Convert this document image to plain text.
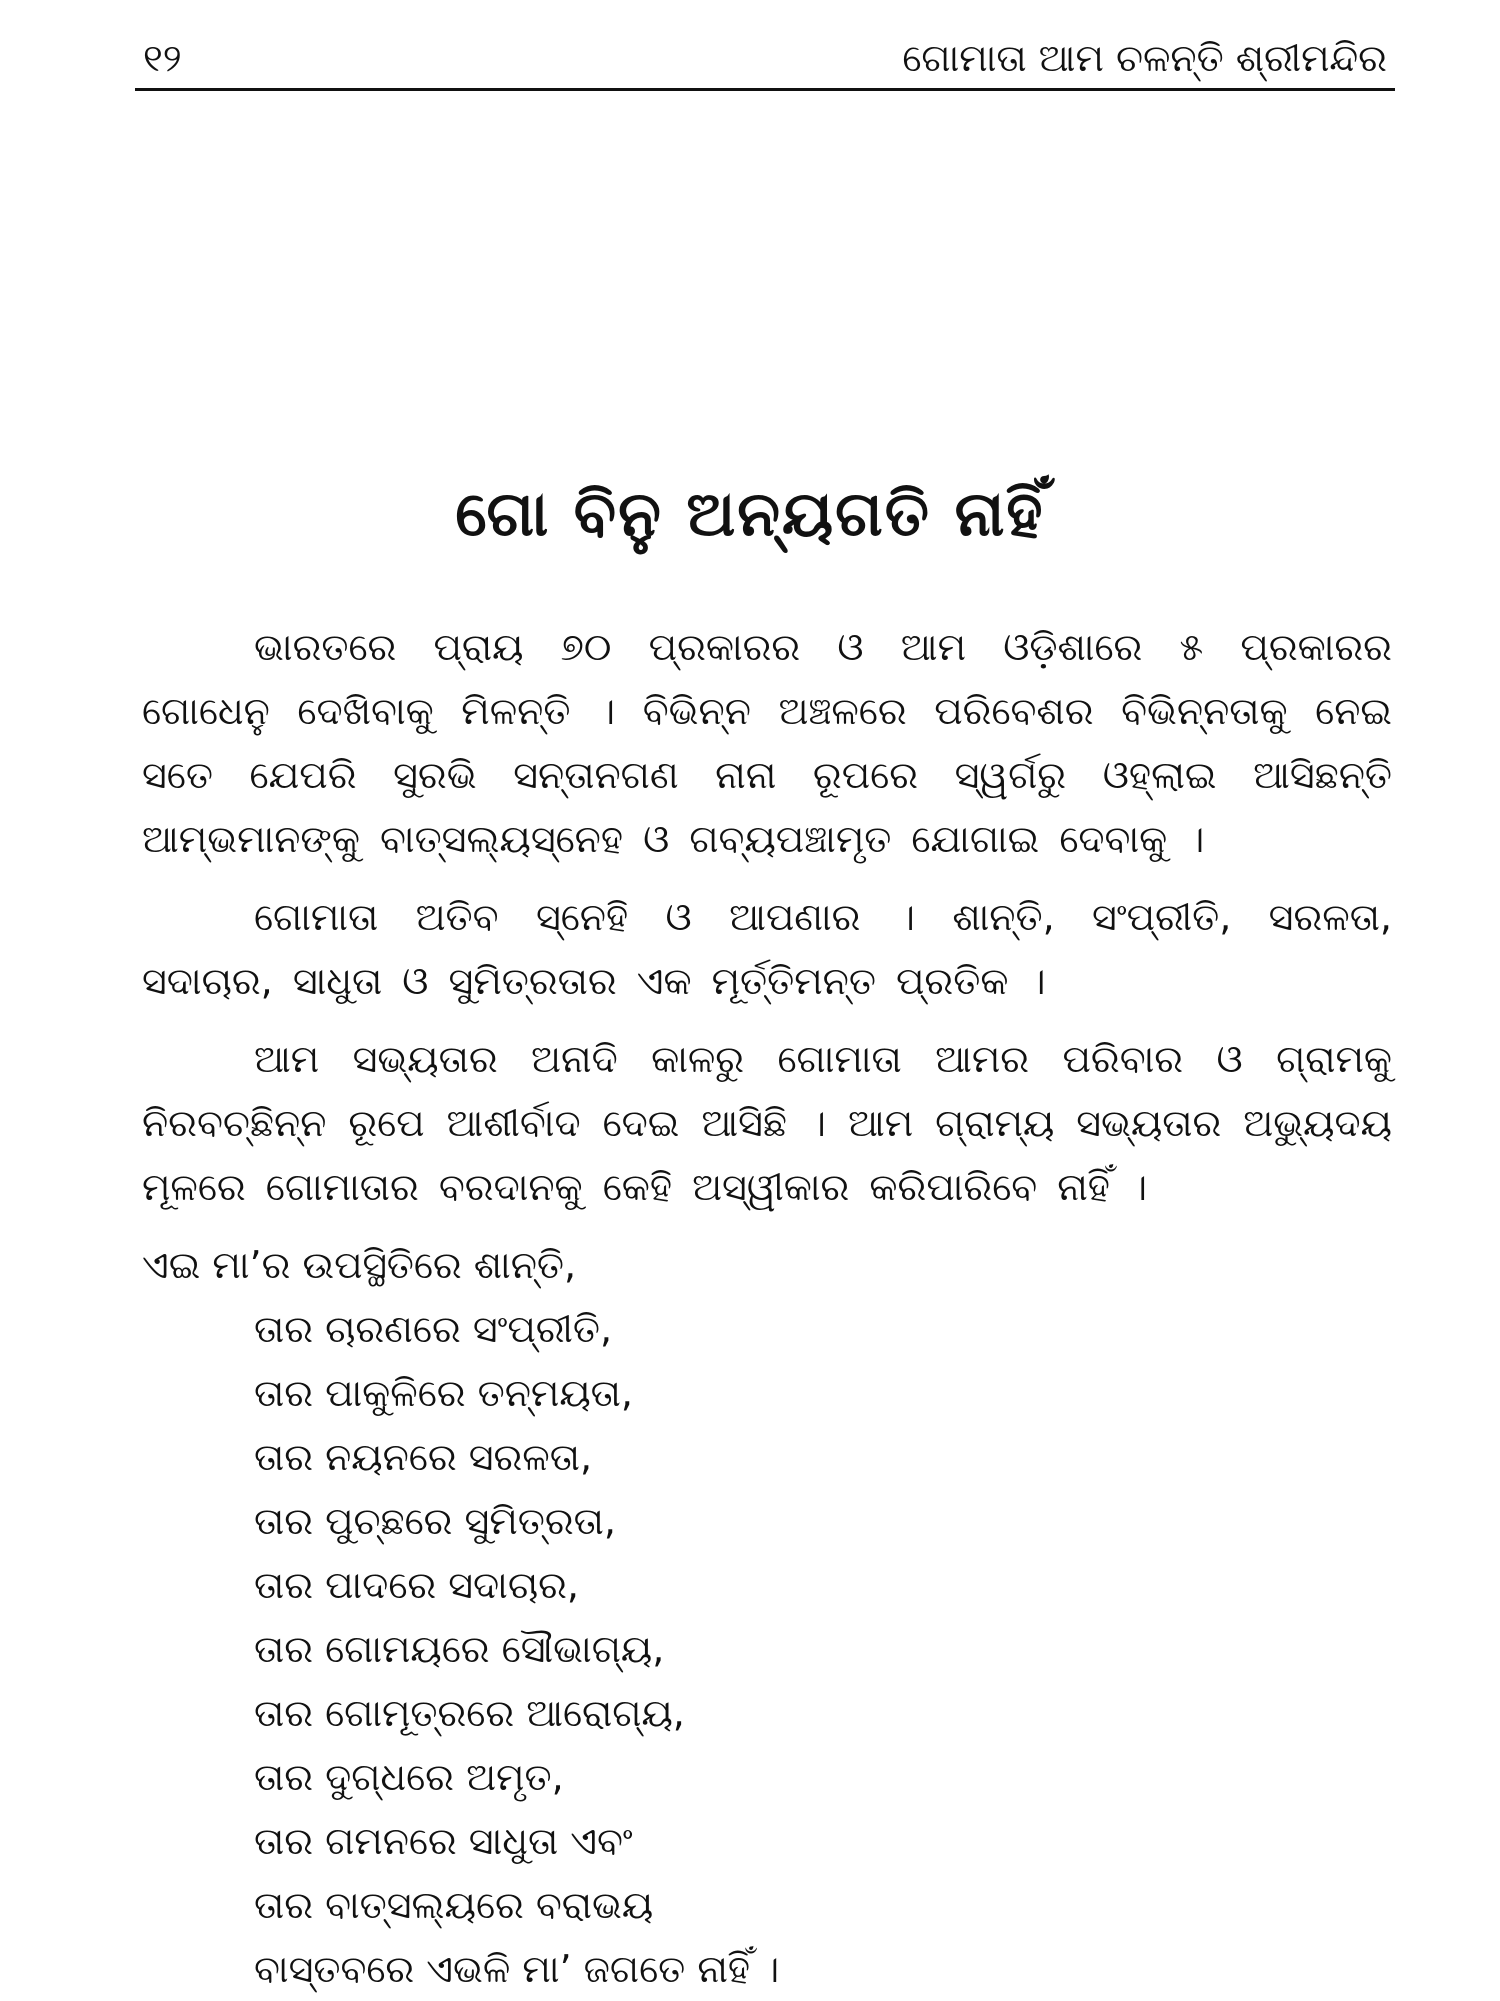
୧୨	ଗୋମାତା ଆମ ଚଳନ୍ତି ଶ୍ରୀମନ୍ଦିର
ଗୋ ବିନୁ ଅନ୍ୟଗତି ନାହିଁ

ଭାରତରେ ପ୍ରାୟ ୭୦ ପ୍ରକାରର ଓ ଆମ ଓଡ଼ିଶାରେ ୫ ପ୍ରକାରର ଗୋଧେନୁ ଦେଖିବାକୁ ମିଳନ୍ତି । ବିଭିନ୍ନ ଅଞ୍ଚଳରେ ପରିବେଶର ବିଭିନ୍ନତାକୁ ନେଇ ସତେ ଯେପରି ସୁରଭି ସନ୍ତାନଗଣ ନାନା ରୂପରେ ସ୍ୱର୍ଗରୁ ଓହ୍ଲାଇ ଆସିଛନ୍ତି ଆମ୍ଭମାନଙ୍କୁ ବାତ୍ସଲ୍ୟସ୍ନେହ ଓ ଗବ୍ୟପଞ୍ଚାମୃତ ଯୋଗାଇ ଦେବାକୁ ।

ଗୋମାତା ଅତିବ ସ୍ନେହି ଓ ଆପଣାର । ଶାନ୍ତି, ସଂପ୍ରୀତି, ସରଳତା, ସଦାଚାର, ସାଧୁତା ଓ ସୁମିତ୍ରତାର ଏକ ମୂର୍ତ୍ତିମନ୍ତ ପ୍ରତିକ ।

ଆମ ସଭ୍ୟତାର ଅନାଦି କାଳରୁ ଗୋମାତା ଆମର ପରିବାର ଓ ଗ୍ରାମକୁ ନିରବଚ୍ଛିନ୍ନ ରୂପେ ଆଶୀର୍ବାଦ ଦେଇ ଆସିଛି । ଆମ ଗ୍ରାମ୍ୟ ସଭ୍ୟତାର ଅଭ୍ୟୁଦୟ ମୂଳରେ ଗୋମାତାର ବରଦାନକୁ କେହି ଅସ୍ୱୀକାର କରିପାରିବେ ନାହିଁ ।

ଏଇ ମା’ର ଉପସ୍ଥିତିରେ ଶାନ୍ତି,

ତାର ଚାରଣରେ ସଂପ୍ରୀତି,

ତାର ପାକୁଳିରେ ତନ୍ମୟତା,

ତାର ନୟନରେ ସରଳତା,

ତାର ପୁଚ୍ଛରେ ସୁମିତ୍ରତା,

ତାର ପାଦରେ ସଦାଚାର,

ତାର ଗୋମୟରେ ସୌଭାଗ୍ୟ,

ତାର ଗୋମୂତ୍ରରେ ଆରୋଗ୍ୟ,

ତାର ଦୁଗ୍ଧରେ ଅମୃତ,

ତାର ଗମନରେ ସାଧୁତା ଏବଂ

ତାର ବାତ୍ସଲ୍ୟରେ ବରାଭୟ

ବାସ୍ତବରେ ଏଭଳି ମା’ ଜଗତେ ନାହିଁ ।
